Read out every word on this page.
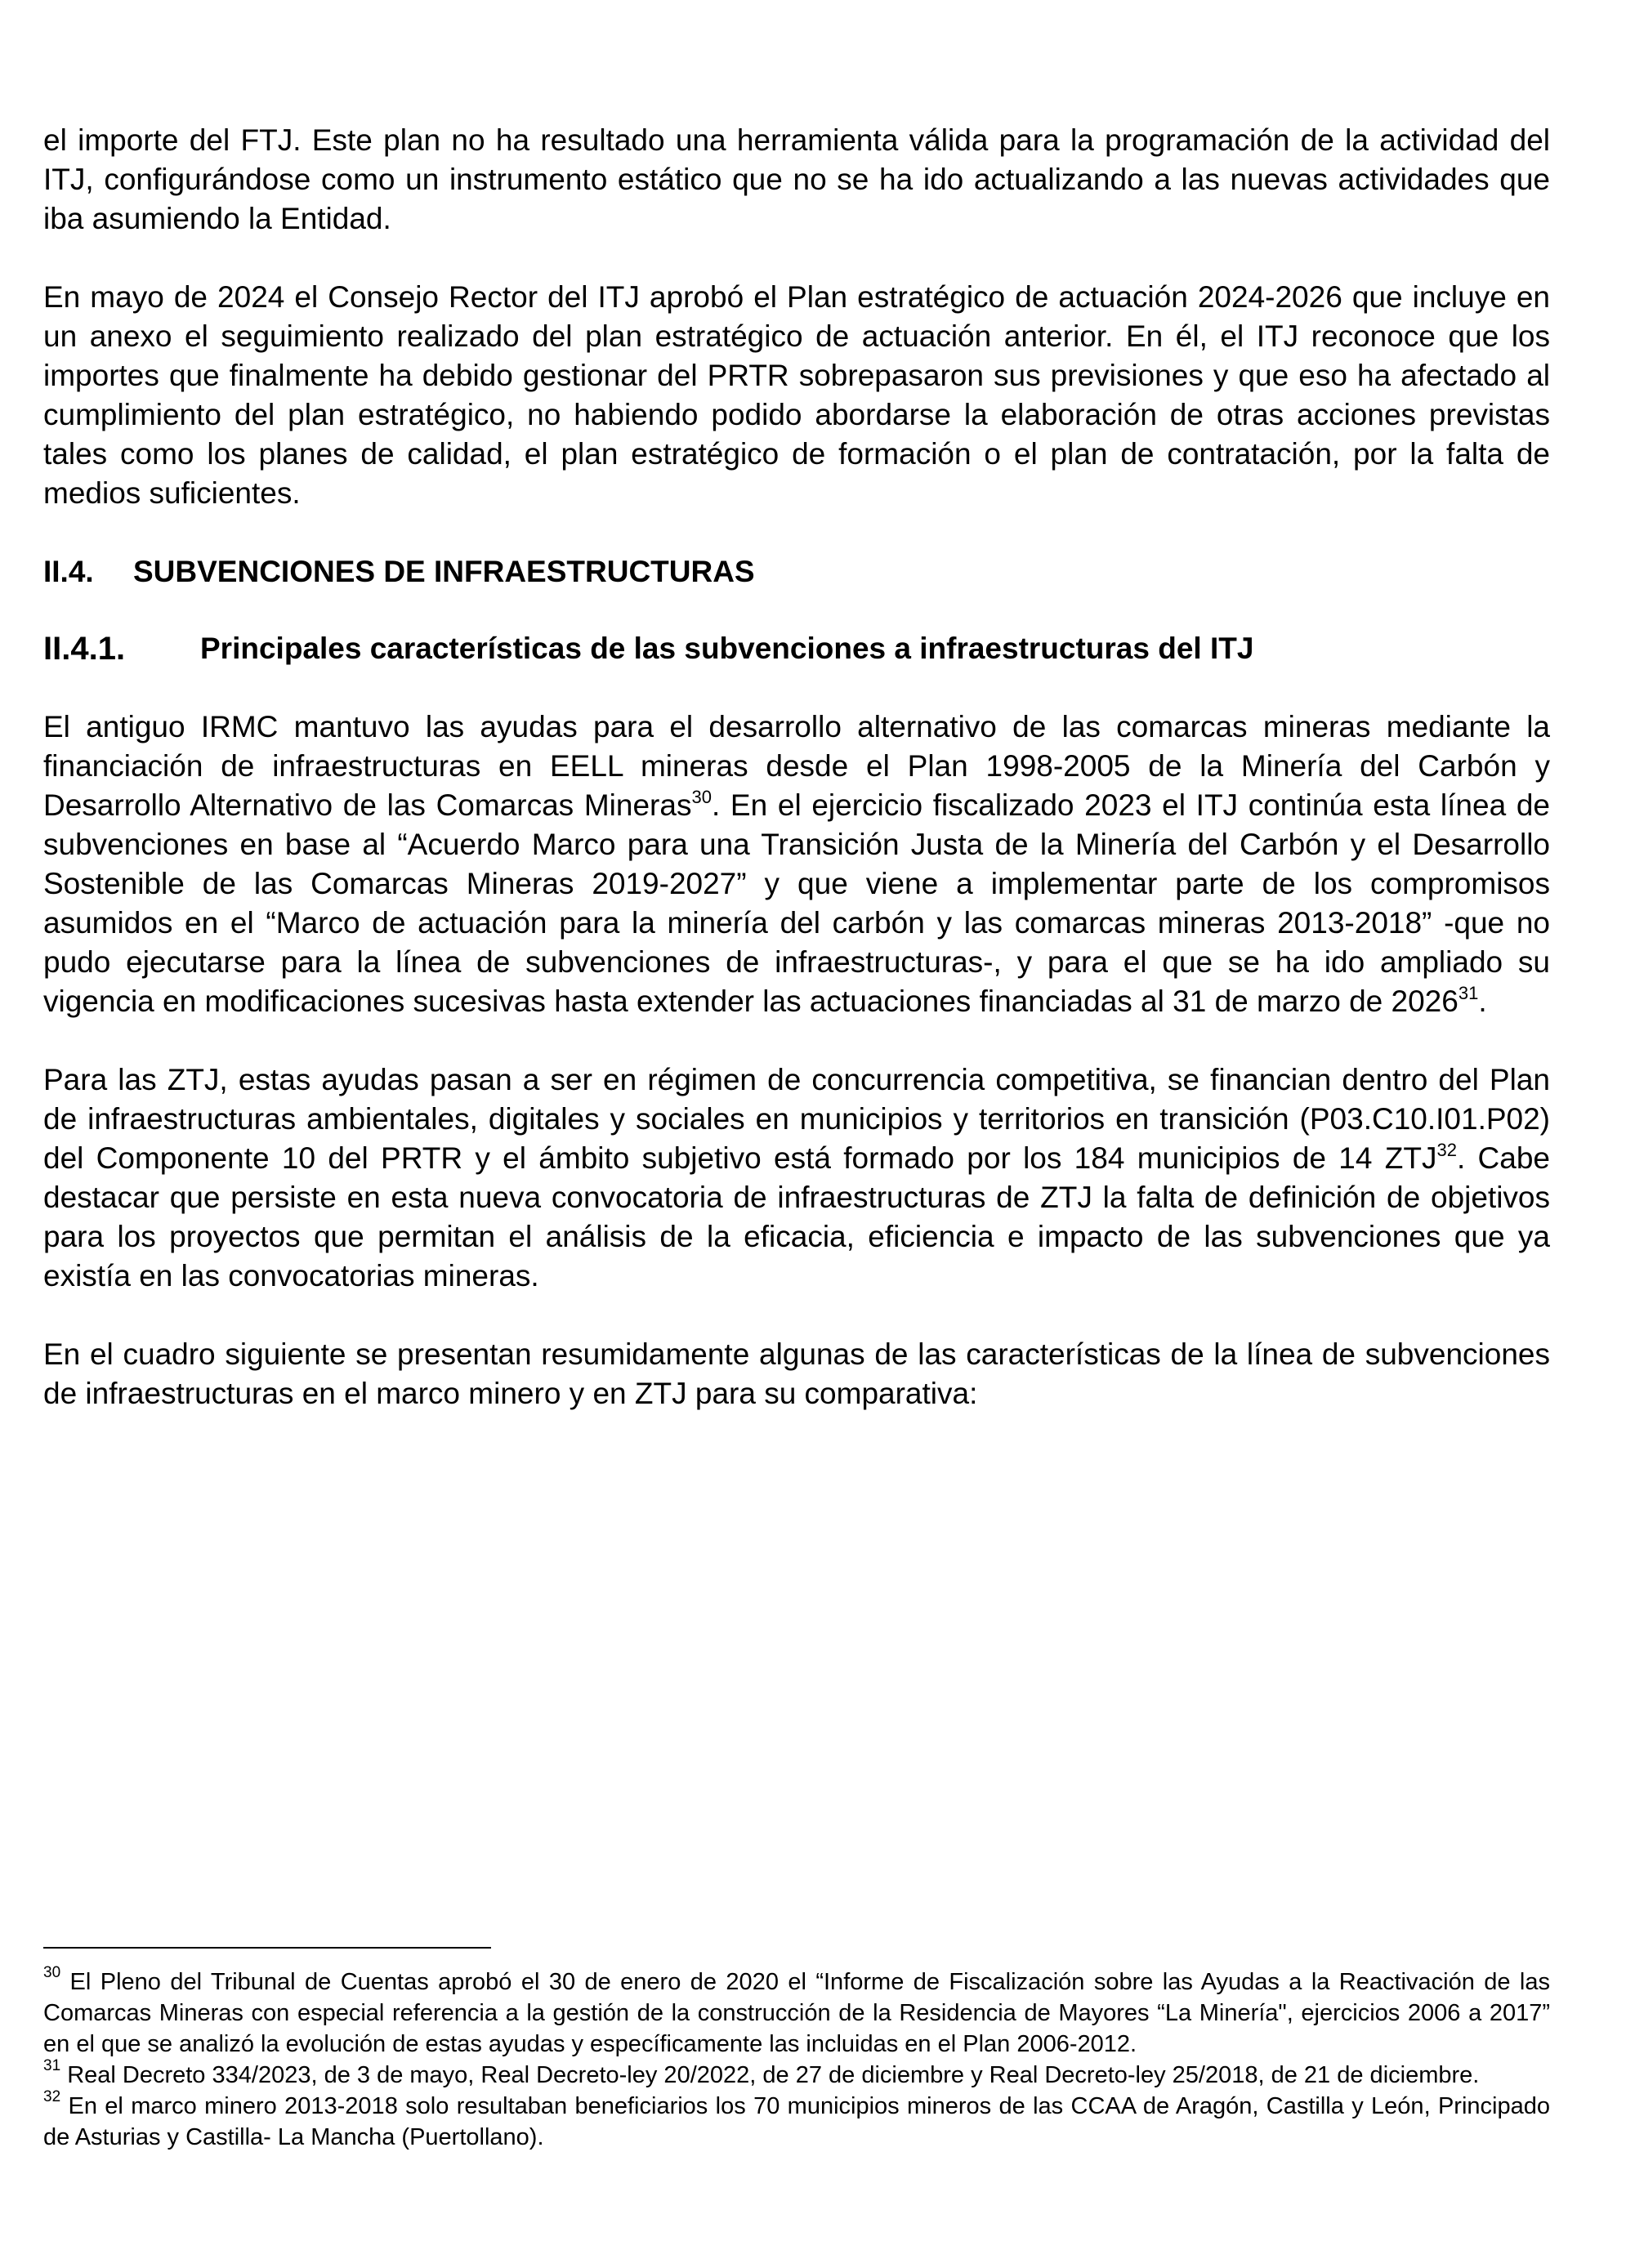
el importe del FTJ. Este plan no ha resultado una herramienta válida para la programación de la actividad del ITJ, configurándose como un instrumento estático que no se ha ido actualizando a las nuevas actividades que iba asumiendo la Entidad.

En mayo de 2024 el Consejo Rector del ITJ aprobó el Plan estratégico de actuación 2024-2026 que incluye en un anexo el seguimiento realizado del plan estratégico de actuación anterior. En él, el ITJ reconoce que los importes que finalmente ha debido gestionar del PRTR sobrepasaron sus previsiones y que eso ha afectado al cumplimiento del plan estratégico, no habiendo podido abordarse la elaboración de otras acciones previstas tales como los planes de calidad, el plan estratégico de formación o el plan de contratación, por la falta de medios suficientes.

II.4.	SUBVENCIONES DE INFRAESTRUCTURAS
II.4.1.	Principales características de las subvenciones a infraestructuras del ITJ

El antiguo IRMC mantuvo las ayudas para el desarrollo alternativo de las comarcas mineras mediante la financiación de infraestructuras en EELL mineras desde el Plan 1998-2005 de la Minería del Carbón y Desarrollo Alternativo de las Comarcas Mineras$^{30}$. En el ejercicio fiscalizado 2023 el ITJ continúa esta línea de subvenciones en base al “Acuerdo Marco para una Transición Justa de la Minería del Carbón y el Desarrollo Sostenible de las Comarcas Mineras 2019-2027” y que viene a implementar parte de los compromisos asumidos en el “Marco de actuación para la minería del carbón y las comarcas mineras 2013-2018” -que no pudo ejecutarse para la línea de subvenciones de infraestructuras-, y para el que se ha ido ampliado su vigencia en modificaciones sucesivas hasta extender las actuaciones financiadas al 31 de marzo de 2026$^{31}$.

Para las ZTJ, estas ayudas pasan a ser en régimen de concurrencia competitiva, se financian dentro del Plan de infraestructuras ambientales, digitales y sociales en municipios y territorios en transición (P03.C10.I01.P02) del Componente 10 del PRTR y el ámbito subjetivo está formado por los 184 municipios de 14 ZTJ$^{32}$. Cabe destacar que persiste en esta nueva convocatoria de infraestructuras de ZTJ la falta de definición de objetivos para los proyectos que permitan el análisis de la eficacia, eficiencia e impacto de las subvenciones que ya existía en las convocatorias mineras.

En el cuadro siguiente se presentan resumidamente algunas de las características de la línea de subvenciones de infraestructuras en el marco minero y en ZTJ para su comparativa:

$^{30}$ El Pleno del Tribunal de Cuentas aprobó el 30 de enero de 2020 el “Informe de Fiscalización sobre las Ayudas a la Reactivación de las Comarcas Mineras con especial referencia a la gestión de la construcción de la Residencia de Mayores “La Minería", ejercicios 2006 a 2017” en el que se analizó la evolución de estas ayudas y específicamente las incluidas en el Plan 2006-2012.

$^{31}$ Real Decreto 334/2023, de 3 de mayo, Real Decreto-ley 20/2022, de 27 de diciembre y Real Decreto-ley 25/2018, de 21 de diciembre.

$^{32}$ En el marco minero 2013-2018 solo resultaban beneficiarios los 70 municipios mineros de las CCAA de Aragón, Castilla y León, Principado de Asturias y Castilla- La Mancha (Puertollano).
